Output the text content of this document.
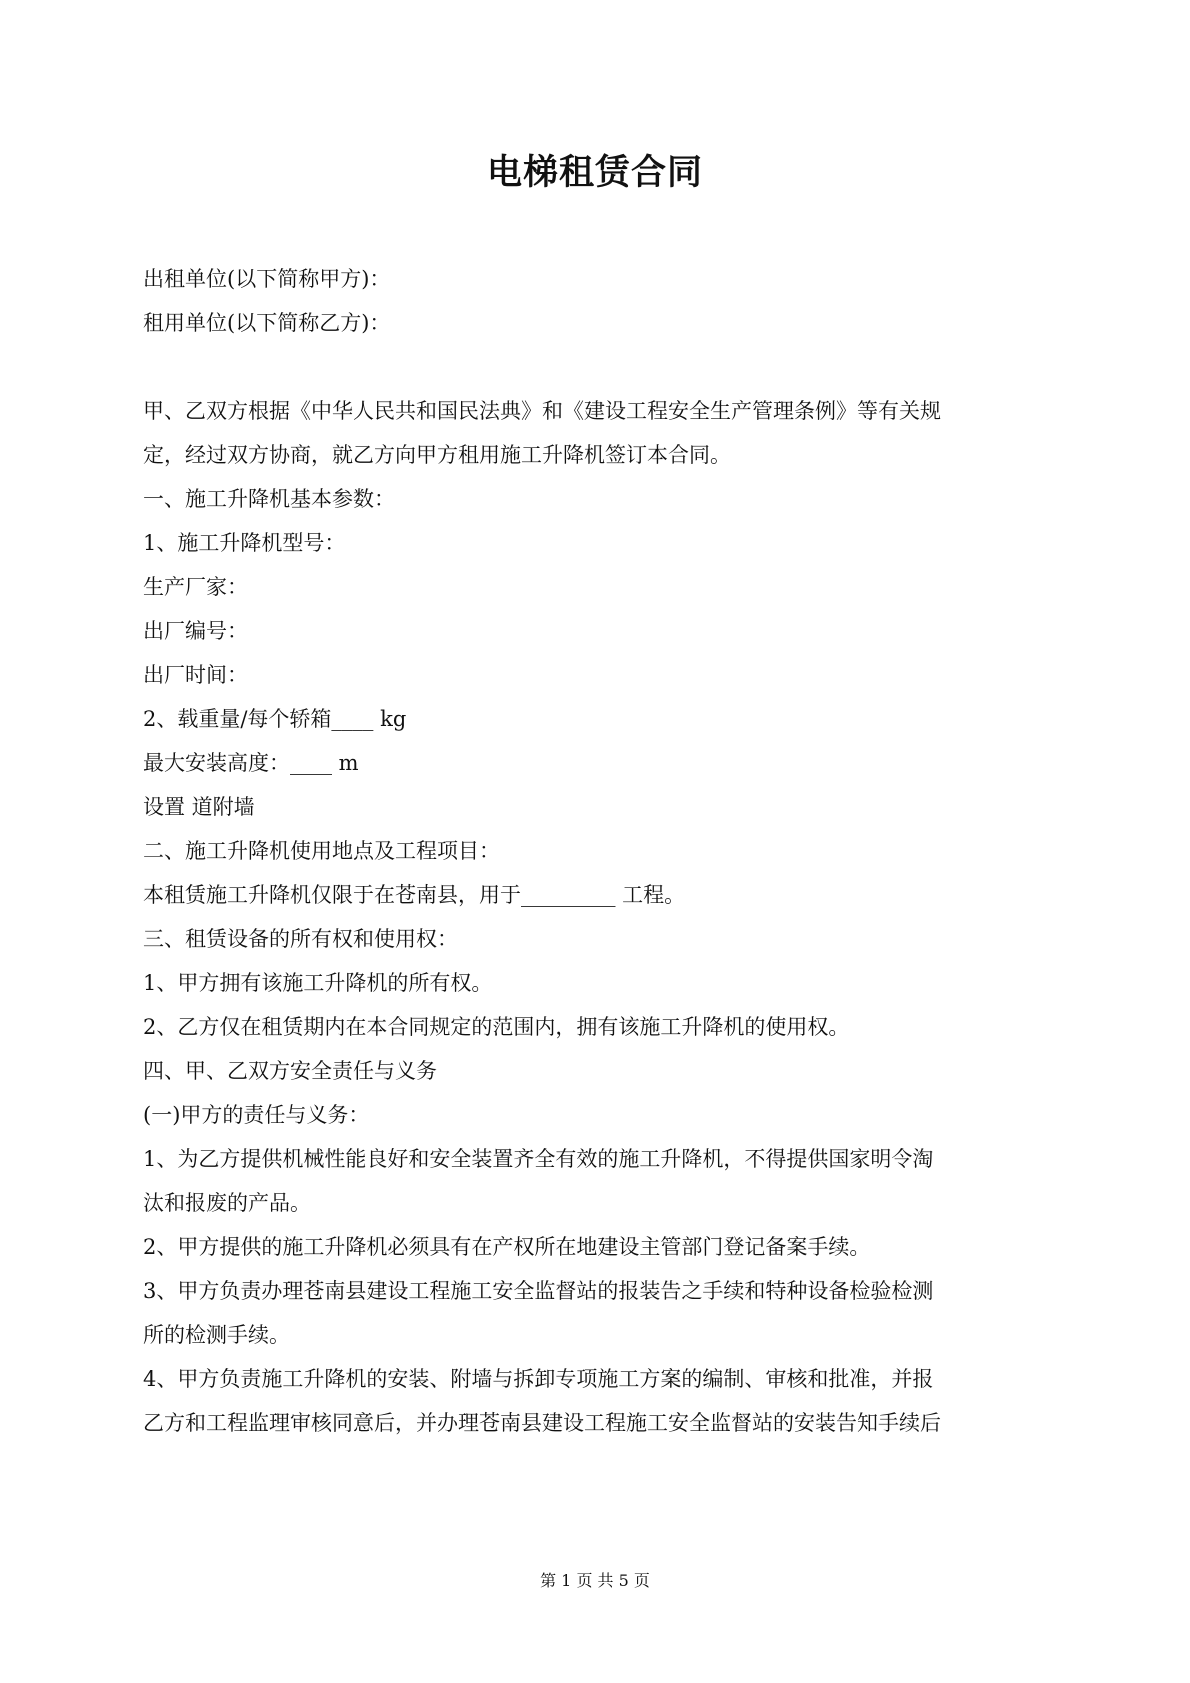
电梯租赁合同

出租单位(以下简称甲方)：

租用单位(以下简称乙方)：

甲、乙双方根据《中华人民共和国民法典》和《建设工程安全生产管理条例》等有关规

定，经过双方协商，就乙方向甲方租用施工升降机签订本合同。

一、施工升降机基本参数：

1、施工升降机型号：

生产厂家：

出厂编号：

出厂时间：

2、载重量/每个轿箱____ kg

最大安装高度：____ m

设置 道附墙

二、施工升降机使用地点及工程项目：

本租赁施工升降机仅限于在苍南县，用于_________ 工程。

三、租赁设备的所有权和使用权：

1、甲方拥有该施工升降机的所有权。

2、乙方仅在租赁期内在本合同规定的范围内，拥有该施工升降机的使用权。

四、甲、乙双方安全责任与义务

(一)甲方的责任与义务：

1、为乙方提供机械性能良好和安全装置齐全有效的施工升降机，不得提供国家明令淘

汰和报废的产品。

2、甲方提供的施工升降机必须具有在产权所在地建设主管部门登记备案手续。

3、甲方负责办理苍南县建设工程施工安全监督站的报装告之手续和特种设备检验检测

所的检测手续。

4、甲方负责施工升降机的安装、附墙与拆卸专项施工方案的编制、审核和批准，并报

乙方和工程监理审核同意后，并办理苍南县建设工程施工安全监督站的安装告知手续后

第 1 页 共 5 页
